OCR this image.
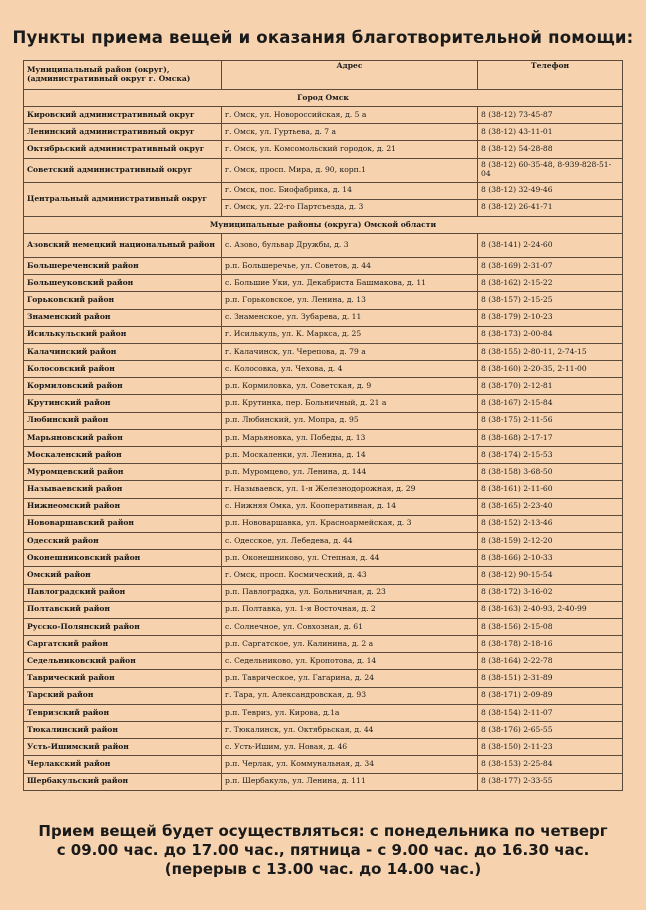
Пункты приема вещей и оказания благотворительной помощи:
Муниципальный район (округ), (административный округ г. Омска)	Адрес	Телефон
Город Омск		
Кировский административный округ	г. Омск, ул. Новороссийская, д. 5 а	8 (38-12) 73-45-87
Ленинский административный округ	г. Омск, ул. Гуртьева, д. 7 а	8 (38-12) 43-11-01
Октябрьский административный округ	г. Омск, ул. Комсомольский городок, д. 21	8 (38-12) 54-28-88
Советский административный округ	г. Омск, просп. Мира, д. 90, корп.1	8 (38-12) 60-35-48, 8-939-828-51-04
Центральный административный округ	г. Омск, пос. Биофабрика, д. 14	8 (38-12) 32-49-46
	г. Омск, ул. 22-го Партсъезда, д. 3	8 (38-12) 26-41-71
Муниципальные районы (округа) Омской области		
Азовский немецкий национальный район	с. Азово, бульвар Дружбы, д. 3	8 (38-141) 2-24-60
Большереченский район	р.п. Большеречье, ул. Советов, д. 44	8 (38-169) 2-31-07
Большеуковский район	с. Большие Уки, ул. Декабриста Башмакова, д. 11	8 (38-162) 2-15-22
Горьковский район	р.п. Горьковское, ул. Ленина, д. 13	8 (38-157) 2-15-25
Знаменский район	с. Знаменское, ул. Зубарева, д. 11	8 (38-179) 2-10-23
Исилькульский район	г. Исилькуль, ул. К. Маркса, д. 25	8 (38-173) 2-00-84
Калачинский район	г. Калачинск, ул. Черепова, д. 79 а	8 (38-155) 2-80-11, 2-74-15
Колосовский район	с. Колосовка, ул. Чехова, д. 4	8 (38-160) 2-20-35, 2-11-00
Кормиловский район	р.п. Кормиловка, ул. Советская, д. 9	8 (38-170) 2-12-81
Крутинский район	р.п. Крутинка, пер. Больничный, д. 21 а	8 (38-167) 2-15-84
Любинский район	р.п. Любинский, ул. Мопра, д. 95	8 (38-175) 2-11-56
Марьяновский район	р.п. Марьяновка, ул. Победы, д. 13	8 (38-168) 2-17-17
Москаленский район	р.п. Москаленки, ул. Ленина, д. 14	8 (38-174) 2-15-53
Муромцевский район	р.п. Муромцево, ул. Ленина, д. 144	8 (38-158) 3-68-50
Называевский район	г. Называевск, ул. 1-я Железнодорожная, д. 29	8 (38-161) 2-11-60
Нижнеомский район	с. Нижняя Омка, ул. Кооперативная, д. 14	8 (38-165) 2-23-40
Нововаршавский район	р.п. Нововаршавка, ул. Красноармейская, д. 3	8 (38-152) 2-13-46
Одесский район	с. Одесское, ул. Лебедева, д. 44	8 (38-159) 2-12-20
Оконешниковский район	р.п. Оконешниково, ул. Степная, д. 44	8 (38-166) 2-10-33
Омский район	г. Омск, просп. Космический, д. 43	8 (38-12) 90-15-54
Павлоградский район	р.п. Павлоградка, ул. Больничная, д. 23	8 (38-172) 3-16-02
Полтавский район	р.п. Полтавка, ул. 1-я Восточная, д. 2	8 (38-163) 2-40-93, 2-40-99
Русско-Полянский район	с. Солнечное, ул. Совхозная, д. 61	8 (38-156) 2-15-08
Саргатский район	р.п. Саргатское, ул. Калинина, д. 2 а	8 (38-178) 2-18-16
Седельниковский район	с. Седельниково, ул. Кропотова, д. 14	8 (38-164) 2-22-78
Таврический район	р.п. Таврическое, ул. Гагарина, д. 24	8 (38-151) 2-31-89
Тарский район	г. Тара, ул. Александровская, д. 93	8 (38-171) 2-09-89
Тевризский район	р.п. Тевриз, ул. Кирова, д.1а	8 (38-154) 2-11-07
Тюкалинский район	г. Тюкалинск, ул. Октябрьская, д. 44	8 (38-176) 2-65-55
Усть-Ишимский район	с. Усть-Ишим, ул. Новая, д. 46	8 (38-150) 2-11-23
Черлакский район	р.п. Черлак, ул. Коммунальная, д. 34	8 (38-153) 2-25-84
Шербакульский район	р.п. Шербакуль, ул. Ленина, д. 111	8 (38-177) 2-33-55
Прием вещей будет осуществляться: с понедельника по четверг
с 09.00 час. до 17.00 час., пятница - с 9.00 час. до 16.30 час.
(перерыв с 13.00 час. до 14.00 час.)
